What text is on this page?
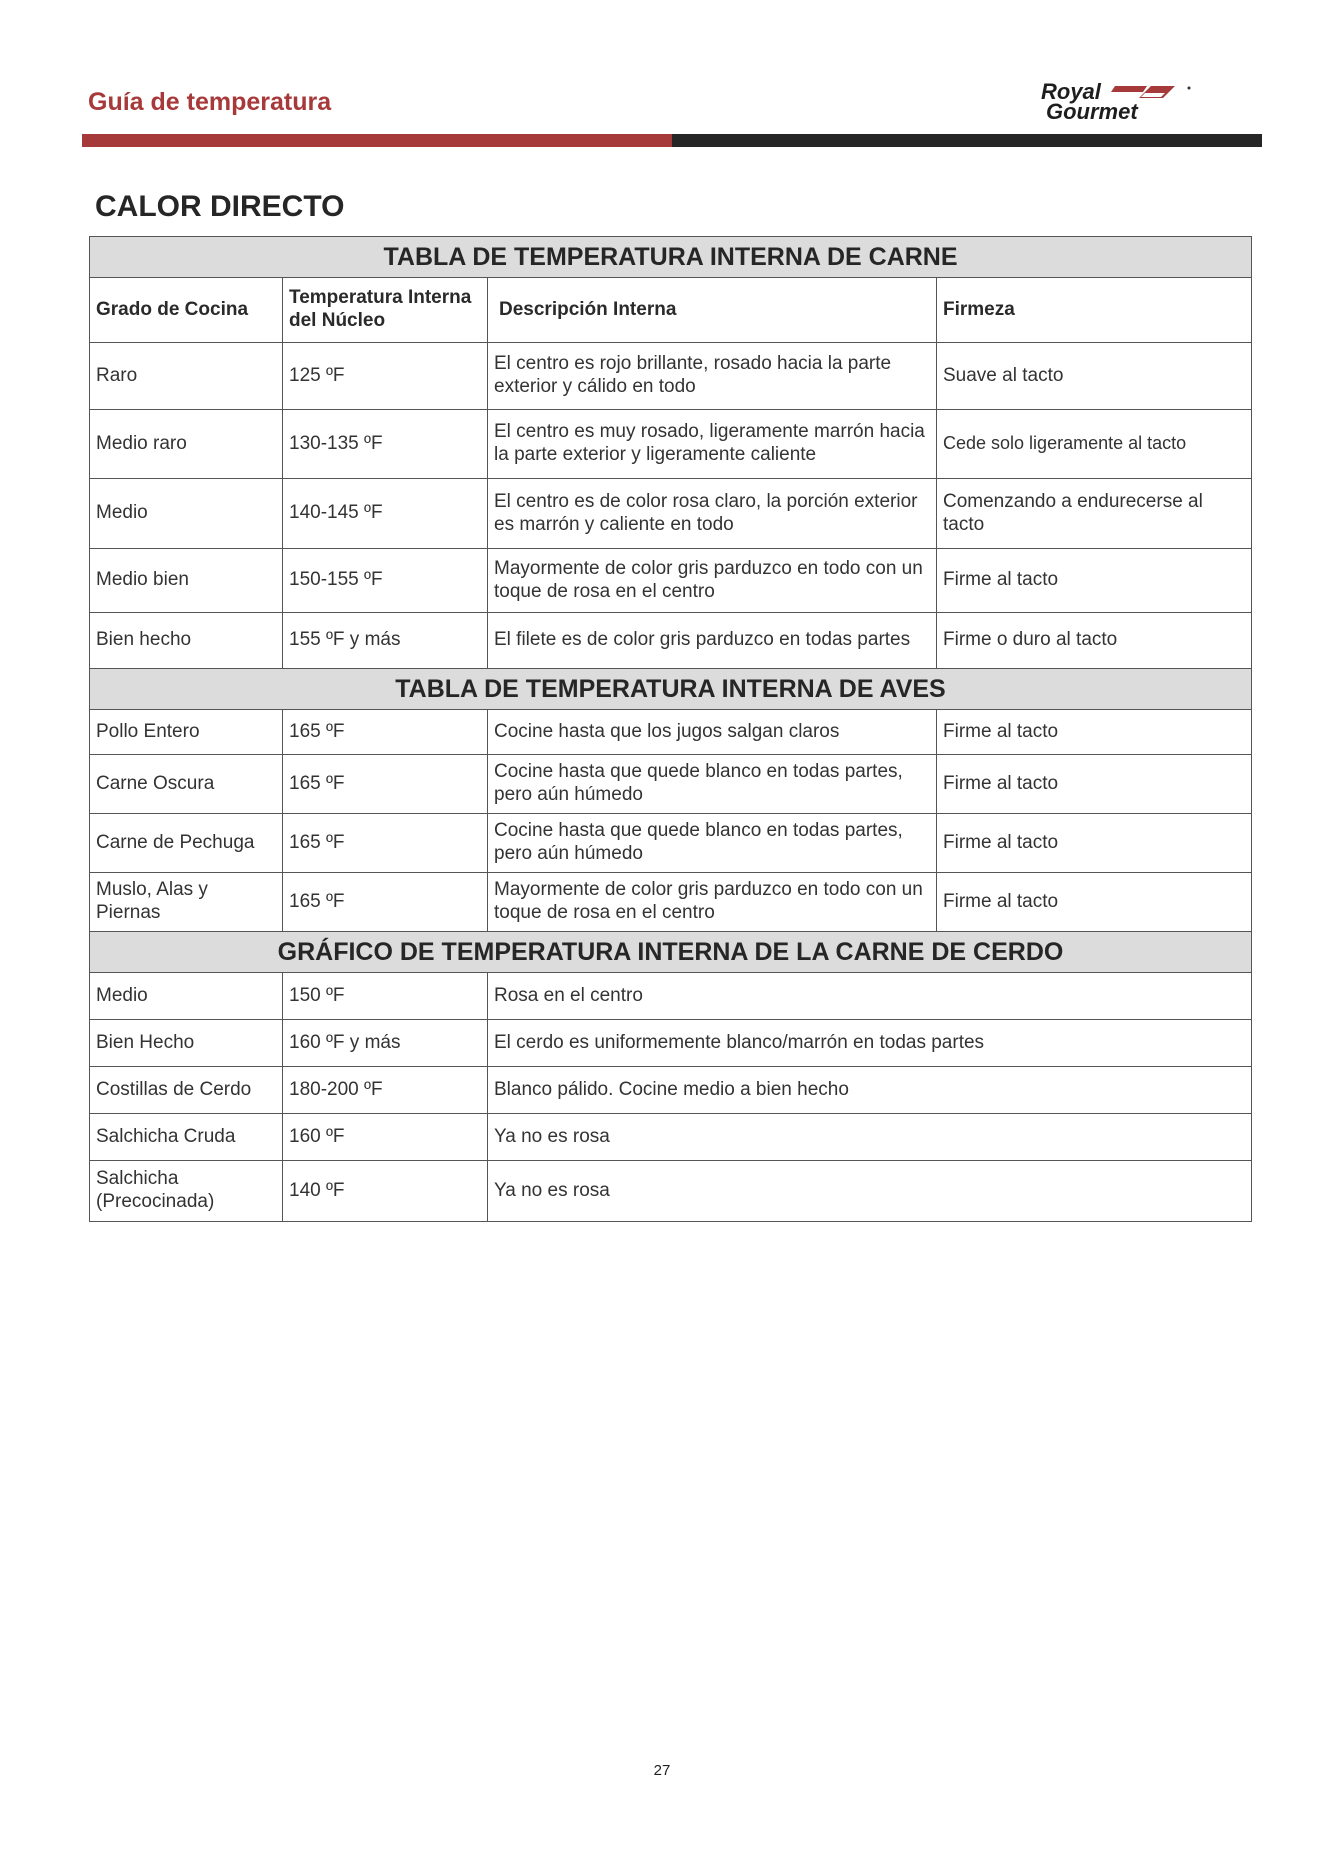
Guía de temperatura	Royal
Gourmet
CALOR DIRECTO
TABLA DE TEMPERATURA INTERNA DE CARNE			
Grado de Cocina	Temperatura Interna del Núcleo	Descripción Interna	Firmeza
Raro	125 ºF	El centro es rojo brillante, rosado hacia la parte exterior y cálido en todo	Suave al tacto
Medio raro	130-135 ºF	El centro es muy rosado, ligeramente marrón hacia la parte exterior y ligeramente caliente	Cede solo ligeramente al tacto
Medio	140-145 ºF	El centro es de color rosa claro, la porción exterior es marrón y caliente en todo	Comenzando a endurecerse al tacto
Medio bien	150-155 ºF	Mayormente de color gris parduzco en todo con un toque de rosa en el centro	Firme al tacto
Bien hecho	155 ºF y más	El filete es de color gris parduzco en todas partes	Firme o duro al tacto
TABLA DE TEMPERATURA INTERNA DE AVES			
Pollo Entero	165 ºF	Cocine hasta que los jugos salgan claros	Firme al tacto
Carne Oscura	165 ºF	Cocine hasta que quede blanco en todas partes, pero aún húmedo	Firme al tacto
Carne de Pechuga	165 ºF	Cocine hasta que quede blanco en todas partes, pero aún húmedo	Firme al tacto
Muslo, Alas y Piernas	165 ºF	Mayormente de color gris parduzco en todo con un toque de rosa en el centro	Firme al tacto
GRÁFICO DE TEMPERATURA INTERNA DE LA CARNE DE CERDO			
Medio	150 ºF	Rosa en el centro	
Bien Hecho	160 ºF y más	El cerdo es uniformemente blanco/marrón en todas partes	
Costillas de Cerdo	180-200 ºF	Blanco pálido. Cocine medio a bien hecho	
Salchicha Cruda	160 ºF	Ya no es rosa	
Salchicha (Precocinada)	140 ºF	Ya no es rosa	
27
